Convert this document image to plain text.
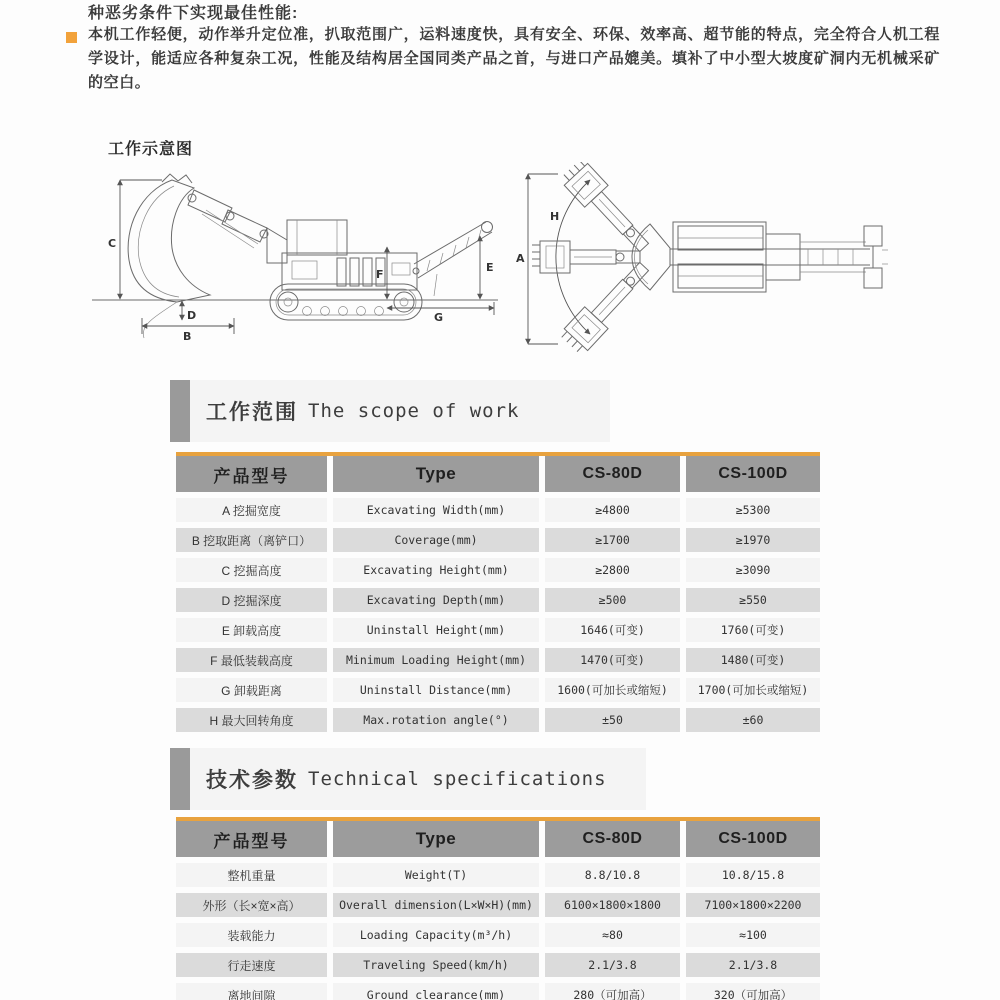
种恶劣条件下实现最佳性能:
本机工作轻便，动作举升定位准，扒取范围广，运料速度快，具有安全、环保、效率高、超节能的特点，完全符合人机工程学设计，能适应各种复杂工况，性能及结构居全国同类产品之首，与进口产品媲美。填补了中小型大坡度矿洞内无机械采矿的空白。
工作示意图
C
D
B
F
E
G
A
H
工作范围 The scope of work
产品型号	Type	CS-80D	CS-100D
A 挖掘宽度	Excavating Width(mm)	≥4800	≥5300
B 挖取距离（离铲口）	Coverage(mm)	≥1700	≥1970
C 挖掘高度	Excavating Height(mm)	≥2800	≥3090
D 挖掘深度	Excavating Depth(mm)	≥500	≥550
E 卸载高度	Uninstall Height(mm)	1646(可变)	1760(可变)
F 最低装载高度	Minimum Loading Height(mm)	1470(可变)	1480(可变)
G 卸载距离	Uninstall Distance(mm)	1600(可加长或缩短)	1700(可加长或缩短)
H 最大回转角度	Max.rotation angle(°)	±50	±60
技术参数 Technical specifications
产品型号	Type	CS-80D	CS-100D
整机重量	Weight(T)	8.8/10.8	10.8/15.8
外形（长×宽×高）	Overall dimension(L×W×H)(mm)	6100×1800×1800	7100×1800×2200
装载能力	Loading Capacity(m³/h)	≈80	≈100
行走速度	Traveling Speed(km/h)	2.1/3.8	2.1/3.8
离地间隙	Ground clearance(mm)	280（可加高）	320（可加高）
